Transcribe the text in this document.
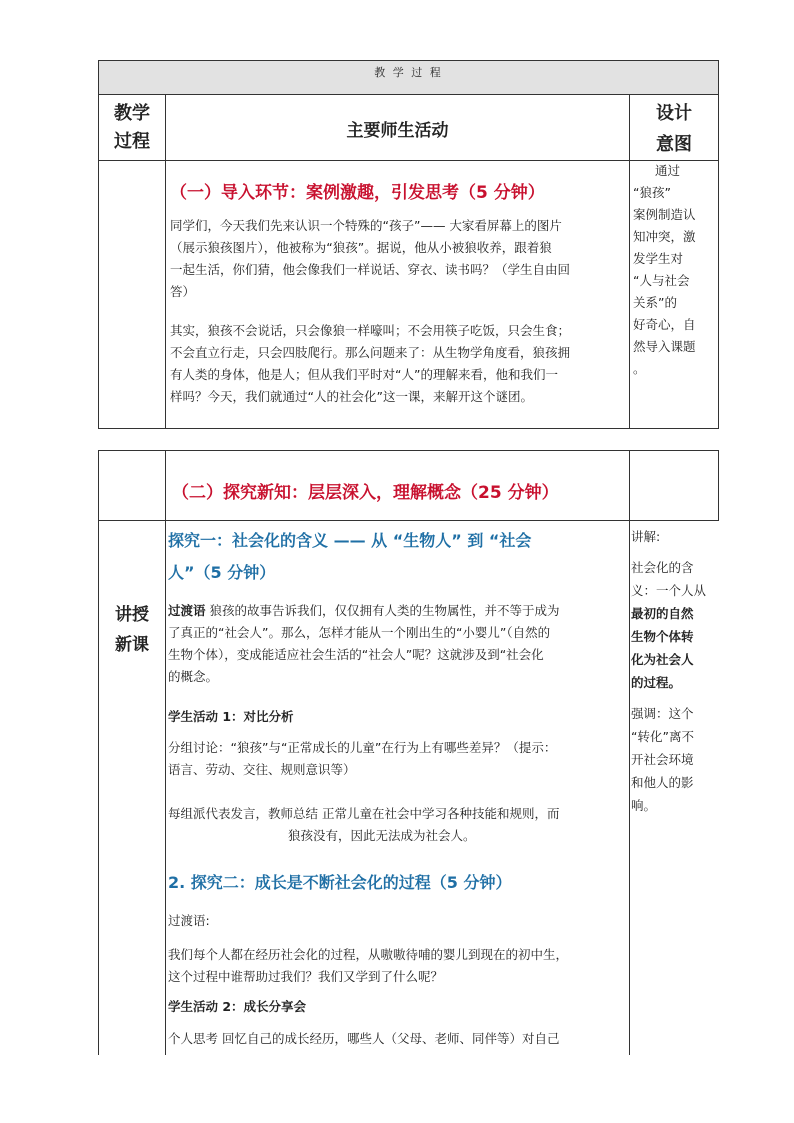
教 学 过 程
教学
过程	主要师生活动
设计
意图
（一）导入环节：案例激趣，引发思考（5 分钟）
同学们，今天我们先来认识一个特殊的“孩子”—— 大家看屏幕上的图片
（展示狼孩图片），他被称为“狼孩”。据说，他从小被狼收养，跟着狼
一起生活，你们猜，他会像我们一样说话、穿衣、读书吗？（学生自由回
答）
其实，狼孩不会说话，只会像狼一样嚎叫；不会用筷子吃饭，只会生食；
不会直立行走，只会四肢爬行。那么问题来了：从生物学角度看，狼孩拥
有人类的身体，他是人；但从我们平时对“人”的理解来看，他和我们一
样吗？今天，我们就通过“人的社会化”这一课，来解开这个谜团。
通过
“狼孩”
案例制造认
知冲突，激
发学生对
“人与社会
关系”的
好奇心，自
然导入课题
。
（二）探究新知：层层深入，理解概念（25 分钟）
讲授
新课
探究一：社会化的含义 —— 从 “生物人” 到 “社会
人”（5 分钟）
过渡语 狼孩的故事告诉我们，仅仅拥有人类的生物属性，并不等于成为
了真正的“社会人”。那么，怎样才能从一个刚出生的“小婴儿”（自然的
生物个体），变成能适应社会生活的“社会人”呢？这就涉及到“社会化
的概念。
学生活动 1：对比分析
分组讨论：“狼孩”与“正常成长的儿童”在行为上有哪些差异？（提示：
语言、劳动、交往、规则意识等）
每组派代表发言，教师总结 正常儿童在社会中学习各种技能和规则，而
狼孩没有，因此无法成为社会人。
2. 探究二：成长是不断社会化的过程（5 分钟）
过渡语:
我们每个人都在经历社会化的过程，从嗷嗷待哺的婴儿到现在的初中生，
这个过程中谁帮助过我们？我们又学到了什么呢？
学生活动 2：成长分享会
个人思考 回忆自己的成长经历，哪些人（父母、老师、同伴等）对自己
讲解:
社会化的含
义：一个人从
最初的自然
生物个体转
化为社会人
的过程。
强调：这个
“转化”离不
开社会环境
和他人的影
响。
